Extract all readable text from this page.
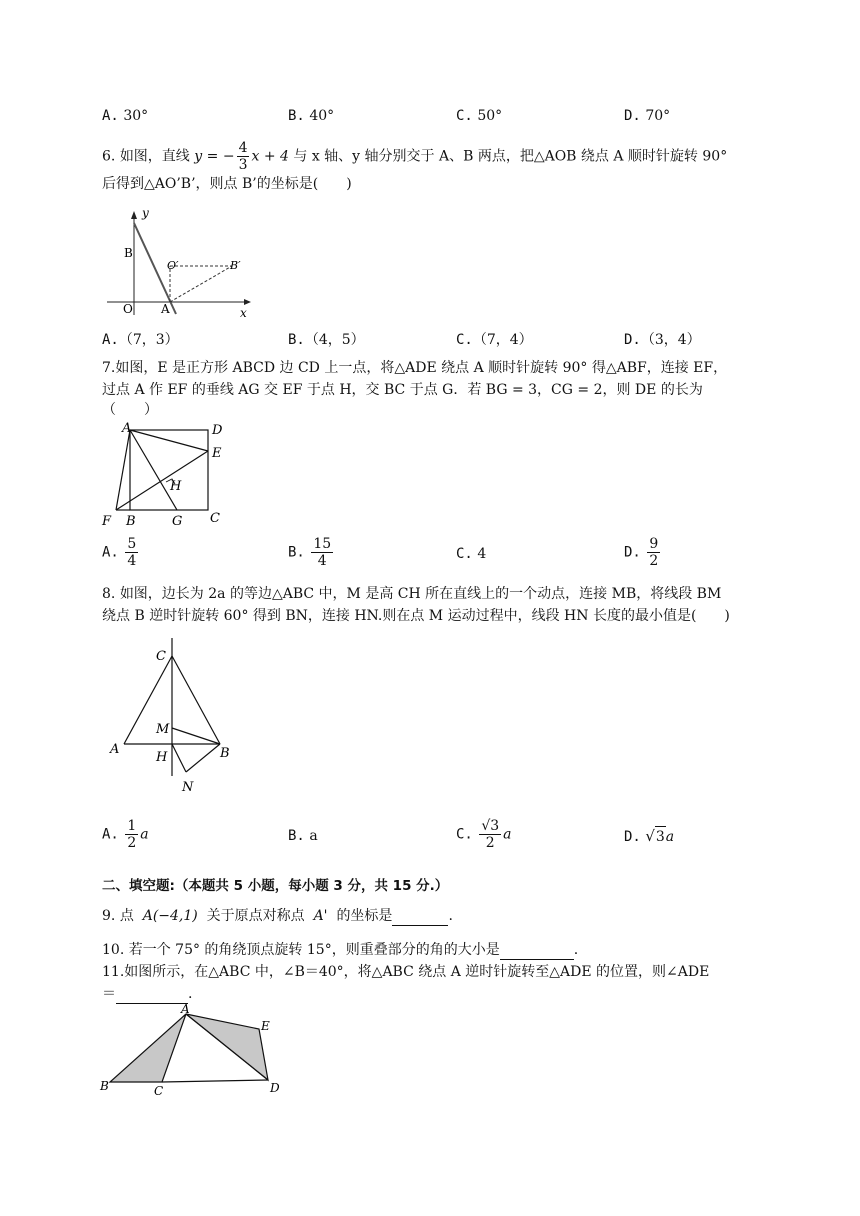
A. 30°	B. 40°	C. 50°	D. 70°
6. 如图，直线 y = − $\frac{4}{3}$ x + 4 与 x 轴、y 轴分别交于 A、B 两点，把△AOB 绕点 A 顺时针旋转 90°
后得到△AO’B’，则点 B’的坐标是(　　)
y
x
B
O′	B′
O A
A.（7，3）	B.（4，5）	C.（7，4）	D.（3，4）
7.如图，E 是正方形 ABCD 边 CD 上一点，将△ADE 绕点 A 顺时针旋转 90° 得△ABF，连接 EF，
过点 A 作 EF 的垂线 AG 交 EF 于点 H，交 BC 于点 G．若 BG = 3，CG = 2，则 DE 的长为
（　　）
A	D
E
H
F B	G C
A. $\frac{5}{4}$	B. $\frac{15}{4}$	C. 4	D. $\frac{9}{2}$
8. 如图，边长为 2a 的等边△ABC 中，M 是高 CH 所在直线上的一个动点，连接 MB，将线段 BM
绕点 B 逆时针旋转 60° 得到 BN，连接 HN.则在点 M 运动过程中，线段 HN 长度的最小值是(　　)
C
M
A	B
H
N
A. $\frac{1}{2}$ a	B. a	C. $\frac{√3}{2}$ a	D. √3a
二、填空题:（本题共 5 小题，每小题 3 分，共 15 分.）
9. 点 A(−4,1) 关于原点对称点 A' 的坐标是	.
10. 若一个 75° 的角绕顶点旋转 15°，则重叠部分的角的大小是	.
11.如图所示，在△ABC 中，∠B＝40°，将△ABC 绕点 A 逆时针旋转至△ADE 的位置，则∠ADE
＝	.
A
E
B	C	D
